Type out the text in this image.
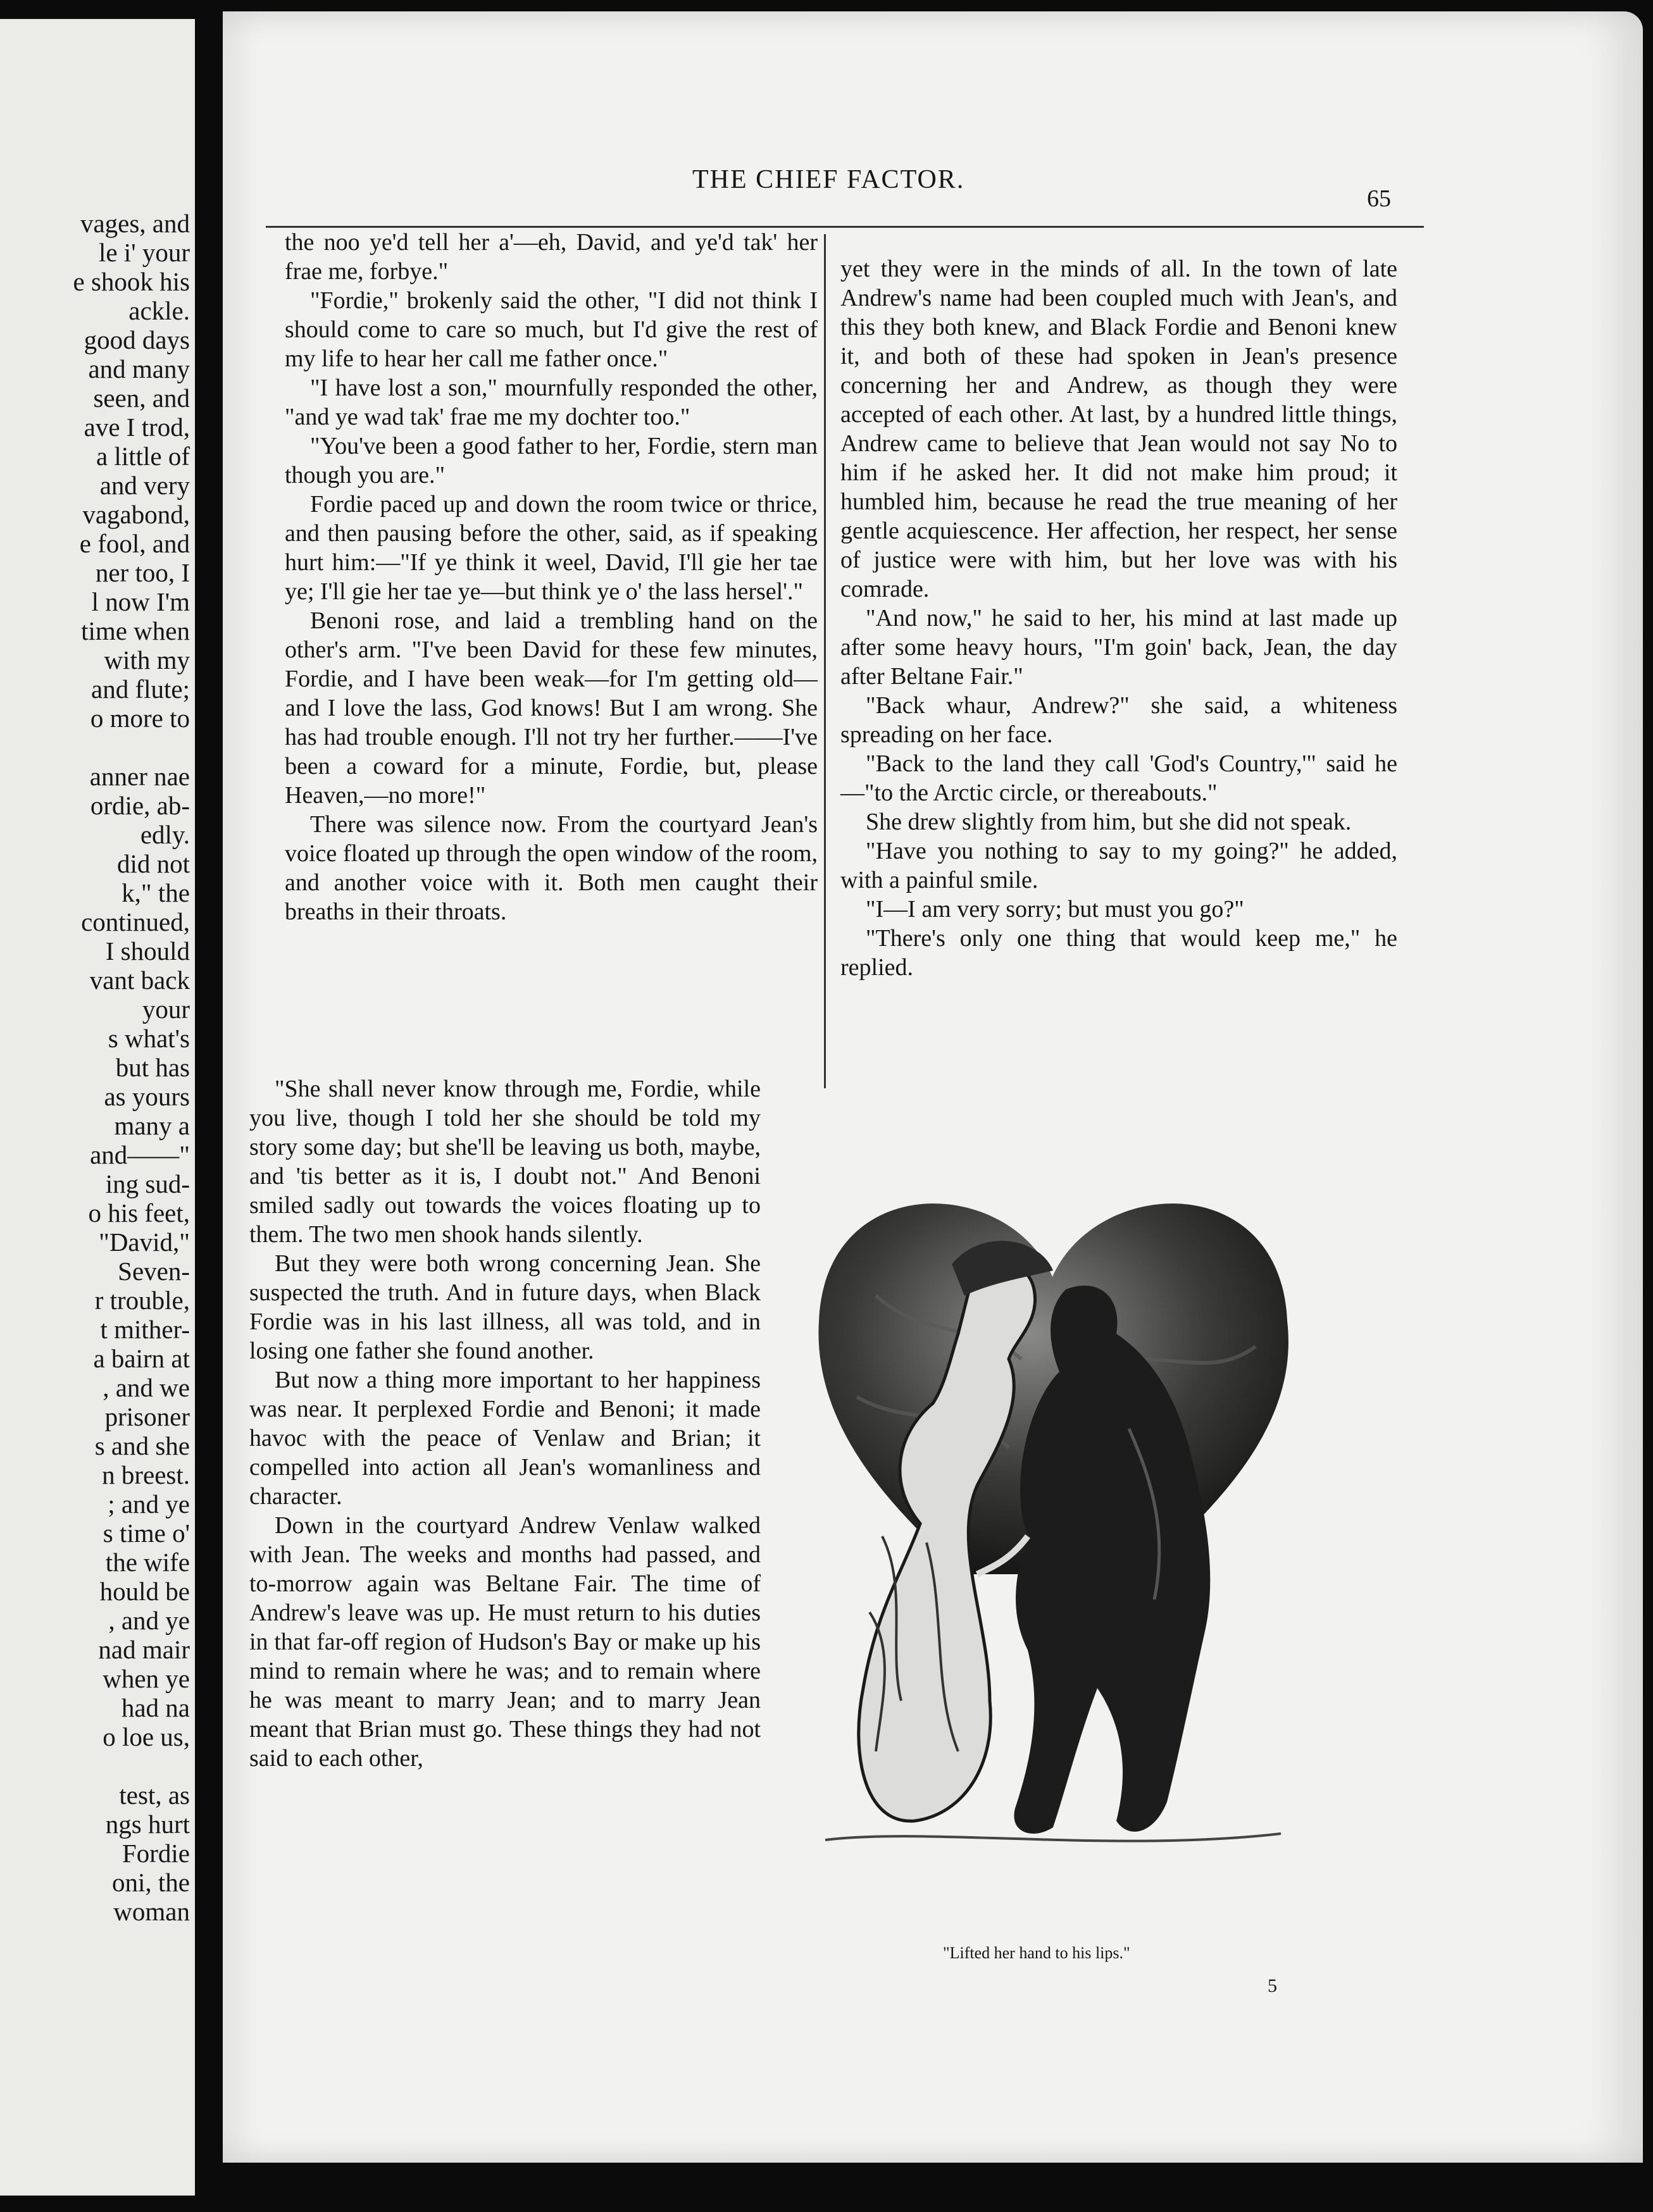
vages, and
le i' your
e shook his
ackle.
good days
and many
seen, and
ave I trod,
a little of
and very
vagabond,
e fool, and
ner too, I
l now I'm
time when
with my
and flute;
o more to
anner nae
ordie, ab-
edly.
did not
k," the
continued,
I should
vant back
your
s what's
but has
as yours
many a
and——"
ing sud-
o his feet,
"David,"
Seven-
r trouble,
t mither-
a bairn at
, and we
prisoner
s and she
n breest.
; and ye
s time o'
the wife
hould be
, and ye
nad mair
when ye
had na
o loe us,
test, as
ngs hurt
Fordie
oni, the
woman
THE CHIEF FACTOR.
65

the noo ye'd tell her a'—eh, David, and ye'd tak' her frae me, forbye."

"Fordie," brokenly said the other, "I did not think I should come to care so much, but I'd give the rest of my life to hear her call me father once."

"I have lost a son," mournfully responded the other, "and ye wad tak' frae me my dochter too."

"You've been a good father to her, Fordie, stern man though you are."

Fordie paced up and down the room twice or thrice, and then pausing before the other, said, as if speaking hurt him:—"If ye think it weel, David, I'll gie her tae ye; I'll gie her tae ye—but think ye o' the lass hersel'."

Benoni rose, and laid a trembling hand on the other's arm. "I've been David for these few minutes, Fordie, and I have been weak—for I'm getting old—and I love the lass, God knows! But I am wrong. She has had trouble enough. I'll not try her further.——I've been a coward for a minute, Fordie, but, please Heaven,—no more!"

There was silence now. From the courtyard Jean's voice floated up through the open window of the room, and another voice with it. Both men caught their breaths in their throats.

yet they were in the minds of all. In the town of late Andrew's name had been coupled much with Jean's, and this they both knew, and Black Fordie and Benoni knew it, and both of these had spoken in Jean's presence concerning her and Andrew, as though they were accepted of each other. At last, by a hundred little things, Andrew came to believe that Jean would not say No to him if he asked her. It did not make him proud; it humbled him, because he read the true meaning of her gentle acquiescence. Her affection, her respect, her sense of justice were with him, but her love was with his comrade.

"And now," he said to her, his mind at last made up after some heavy hours, "I'm goin' back, Jean, the day after Beltane Fair."

"Back whaur, Andrew?" she said, a whiteness spreading on her face.

"Back to the land they call 'God's Country,'" said he—"to the Arctic circle, or thereabouts."

She drew slightly from him, but she did not speak.

"Have you nothing to say to my going?" he added, with a painful smile.

"I—I am very sorry; but must you go?"

"There's only one thing that would keep me," he replied.

"She shall never know through me, Fordie, while you live, though I told her she should be told my story some day; but she'll be leaving us both, maybe, and 'tis better as it is, I doubt not." And Benoni smiled sadly out towards the voices floating up to them. The two men shook hands silently.

But they were both wrong concerning Jean. She suspected the truth. And in future days, when Black Fordie was in his last illness, all was told, and in losing one father she found another.

But now a thing more important to her happiness was near. It perplexed Fordie and Benoni; it made havoc with the peace of Venlaw and Brian; it compelled into action all Jean's womanliness and character.

Down in the courtyard Andrew Venlaw walked with Jean. The weeks and months had passed, and to-morrow again was Beltane Fair. The time of Andrew's leave was up. He must return to his duties in that far-off region of Hudson's Bay or make up his mind to remain where he was; and to remain where he was meant to marry Jean; and to marry Jean meant that Brian must go. These things they had not said to each other,

"Lifted her hand to his lips."
5
